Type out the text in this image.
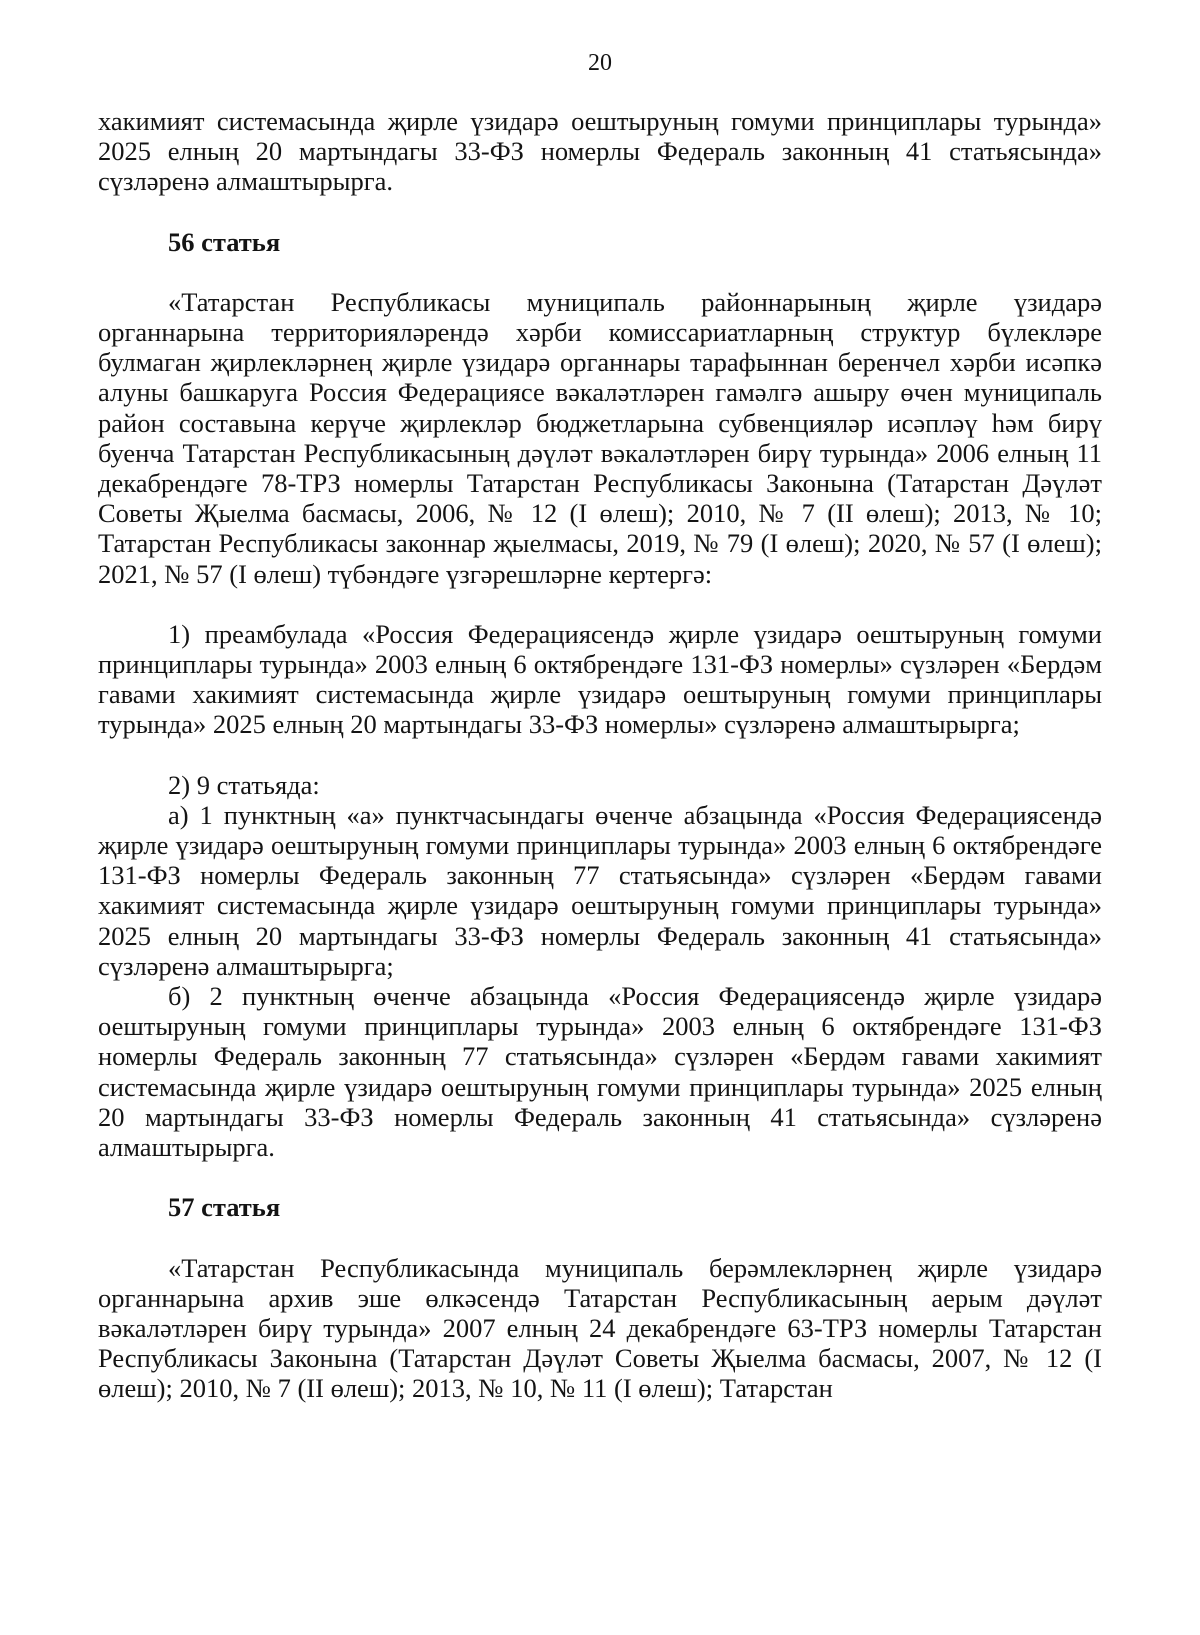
20

хакимият системасында җирле үзидарә оештыруның гомуми принциплары турында» 2025 елның 20 мартындагы 33-ФЗ номерлы Федераль законның 41 статьясында» сүзләренә алмаштырырга.

56 статья

«Татарстан Республикасы муниципаль районнарының җирле үзидарә органнарына территорияләрендә хәрби комиссариатларның структур бүлекләре булмаган җирлекләрнең җирле үзидарә органнары тарафыннан беренчел хәрби исәпкә алуны башкаруга Россия Федерациясе вәкаләтләрен гамәлгә ашыру өчен муниципаль район составына керүче җирлекләр бюджетларына субвенцияләр исәпләү һәм бирү буенча Татарстан Республикасының дәүләт вәкаләтләрен бирү турында» 2006 елның 11 декабрендәге 78-ТРЗ номерлы Татарстан Республикасы Законына (Татарстан Дәүләт Советы Җыелма басмасы, 2006, № 12 (I өлеш); 2010, № 7 (II өлеш); 2013, № 10; Татарстан Республикасы законнар җыелмасы, 2019, № 79 (I өлеш); 2020, № 57 (I өлеш); 2021, № 57 (I өлеш) түбәндәге үзгәрешләрне кертергә:

1) преамбулада «Россия Федерациясендә җирле үзидарә оештыруның гомуми принциплары турында» 2003 елның 6 октябрендәге 131-ФЗ номерлы» сүзләрен «Бердәм гавами хакимият системасында җирле үзидарә оештыруның гомуми принциплары турында» 2025 елның 20 мартындагы 33-ФЗ номерлы» сүзләренә алмаштырырга;

2) 9 статьяда:

а) 1 пунктның «а» пунктчасындагы өченче абзацында «Россия Федерациясендә җирле үзидарә оештыруның гомуми принциплары турында» 2003 елның 6 октябрендәге 131-ФЗ номерлы Федераль законның 77 статьясында» сүзләрен «Бердәм гавами хакимият системасында җирле үзидарә оештыруның гомуми принциплары турында» 2025 елның 20 мартындагы 33-ФЗ номерлы Федераль законның 41 статьясында» сүзләренә алмаштырырга;

б) 2 пунктның өченче абзацында «Россия Федерациясендә җирле үзидарә оештыруның гомуми принциплары турында» 2003 елның 6 октябрендәге 131-ФЗ номерлы Федераль законның 77 статьясында» сүзләрен «Бердәм гавами хакимият системасында җирле үзидарә оештыруның гомуми принциплары турында» 2025 елның 20 мартындагы 33-ФЗ номерлы Федераль законның 41 статьясында» сүзләренә алмаштырырга.

57 статья

«Татарстан Республикасында муниципаль берәмлекләрнең җирле үзидарә органнарына архив эше өлкәсендә Татарстан Республикасының аерым дәүләт вәкаләтләрен бирү турында» 2007 елның 24 декабрендәге 63-ТРЗ номерлы Татарстан Республикасы Законына (Татарстан Дәүләт Советы Җыелма басмасы, 2007, № 12 (I өлеш); 2010, № 7 (II өлеш); 2013, № 10, № 11 (I өлеш); Татарстан
